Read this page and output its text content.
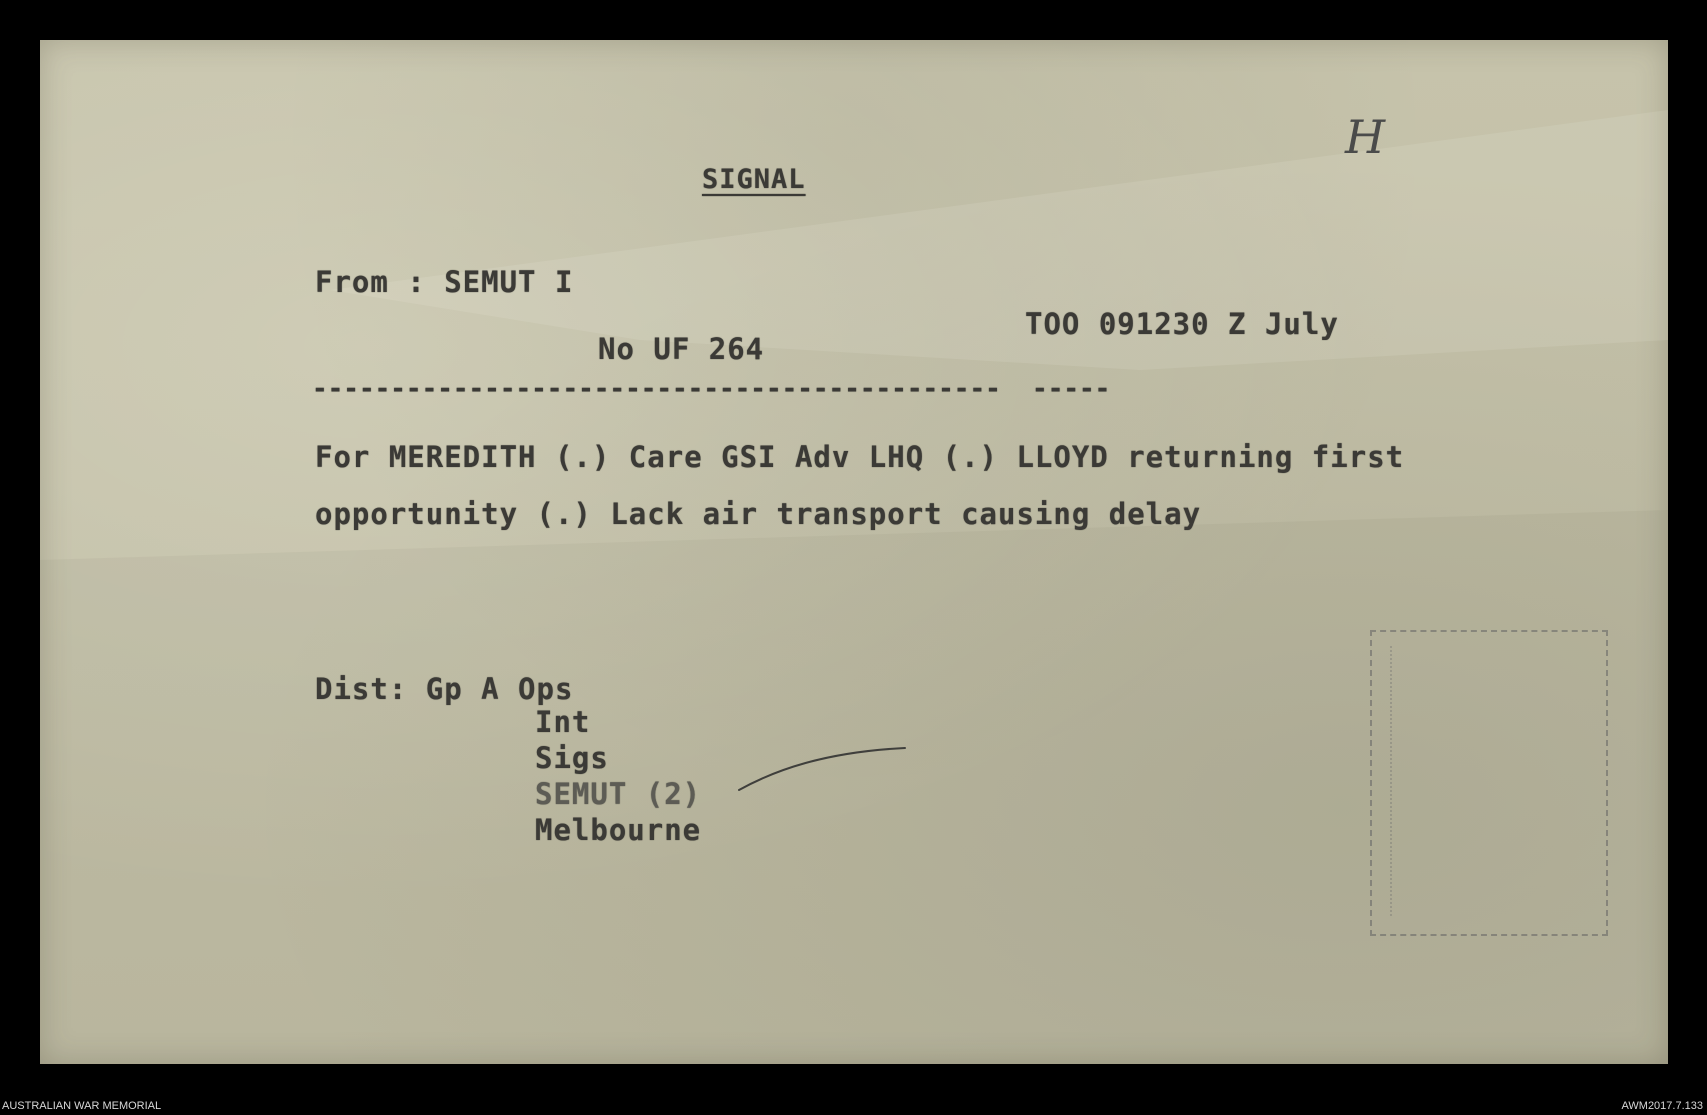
H
SIGNAL
From : SEMUT I
TOO 091230 Z July
No UF 264
--------------------------------------------  -----
For MEREDITH (.) Care GSI Adv LHQ (.) LLOYD returning first
opportunity (.) Lack air transport causing delay
Dist: Gp A Ops
Int
Sigs
SEMUT (2)
Melbourne
AUSTRALIAN WAR MEMORIAL	AWM2017.7.133
